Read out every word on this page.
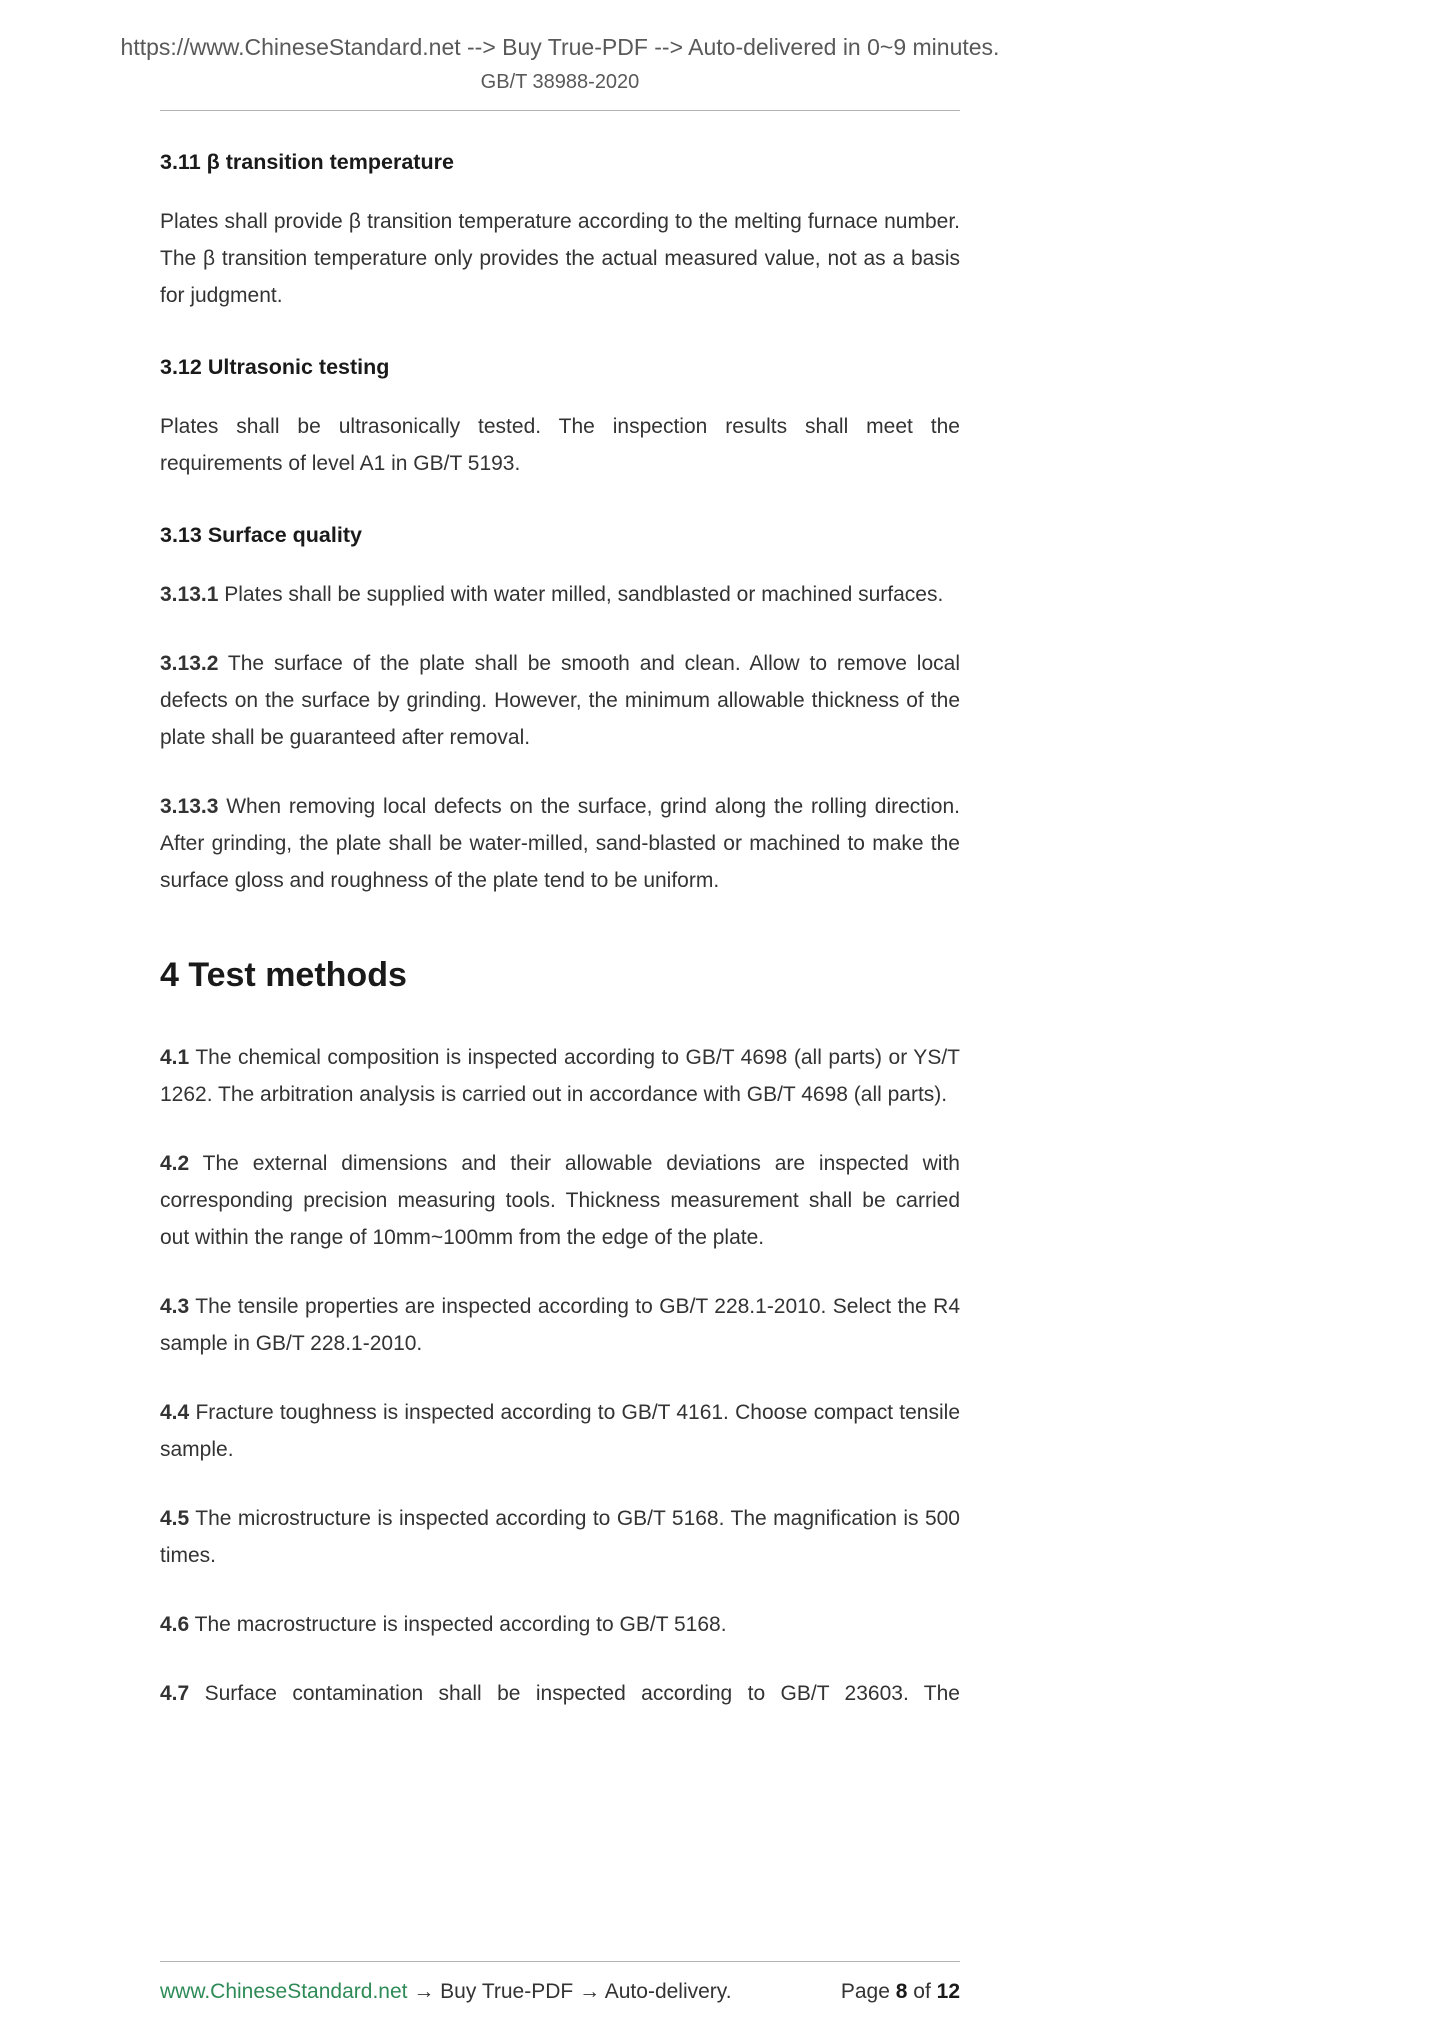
https://www.ChineseStandard.net --> Buy True-PDF --> Auto-delivered in 0~9 minutes.
GB/T 38988-2020
3.11 β transition temperature

Plates shall provide β transition temperature according to the melting furnace number. The β transition temperature only provides the actual measured value, not as a basis for judgment.

3.12 Ultrasonic testing

Plates shall be ultrasonically tested. The inspection results shall meet the requirements of level A1 in GB/T 5193.

3.13 Surface quality

3.13.1 Plates shall be supplied with water milled, sandblasted or machined surfaces.

3.13.2 The surface of the plate shall be smooth and clean. Allow to remove local defects on the surface by grinding. However, the minimum allowable thickness of the plate shall be guaranteed after removal.

3.13.3 When removing local defects on the surface, grind along the rolling direction. After grinding, the plate shall be water-milled, sand-blasted or machined to make the surface gloss and roughness of the plate tend to be uniform.

4 Test methods

4.1 The chemical composition is inspected according to GB/T 4698 (all parts) or YS/T 1262. The arbitration analysis is carried out in accordance with GB/T 4698 (all parts).

4.2 The external dimensions and their allowable deviations are inspected with corresponding precision measuring tools. Thickness measurement shall be carried out within the range of 10mm~100mm from the edge of the plate.

4.3 The tensile properties are inspected according to GB/T 228.1-2010. Select the R4 sample in GB/T 228.1-2010.

4.4 Fracture toughness is inspected according to GB/T 4161. Choose compact tensile sample.

4.5 The microstructure is inspected according to GB/T 5168. The magnification is 500 times.

4.6 The macrostructure is inspected according to GB/T 5168.

4.7 Surface contamination shall be inspected according to GB/T 23603. The

www.ChineseStandard.net → Buy True-PDF → Auto-delivery.	Page 8 of 12
